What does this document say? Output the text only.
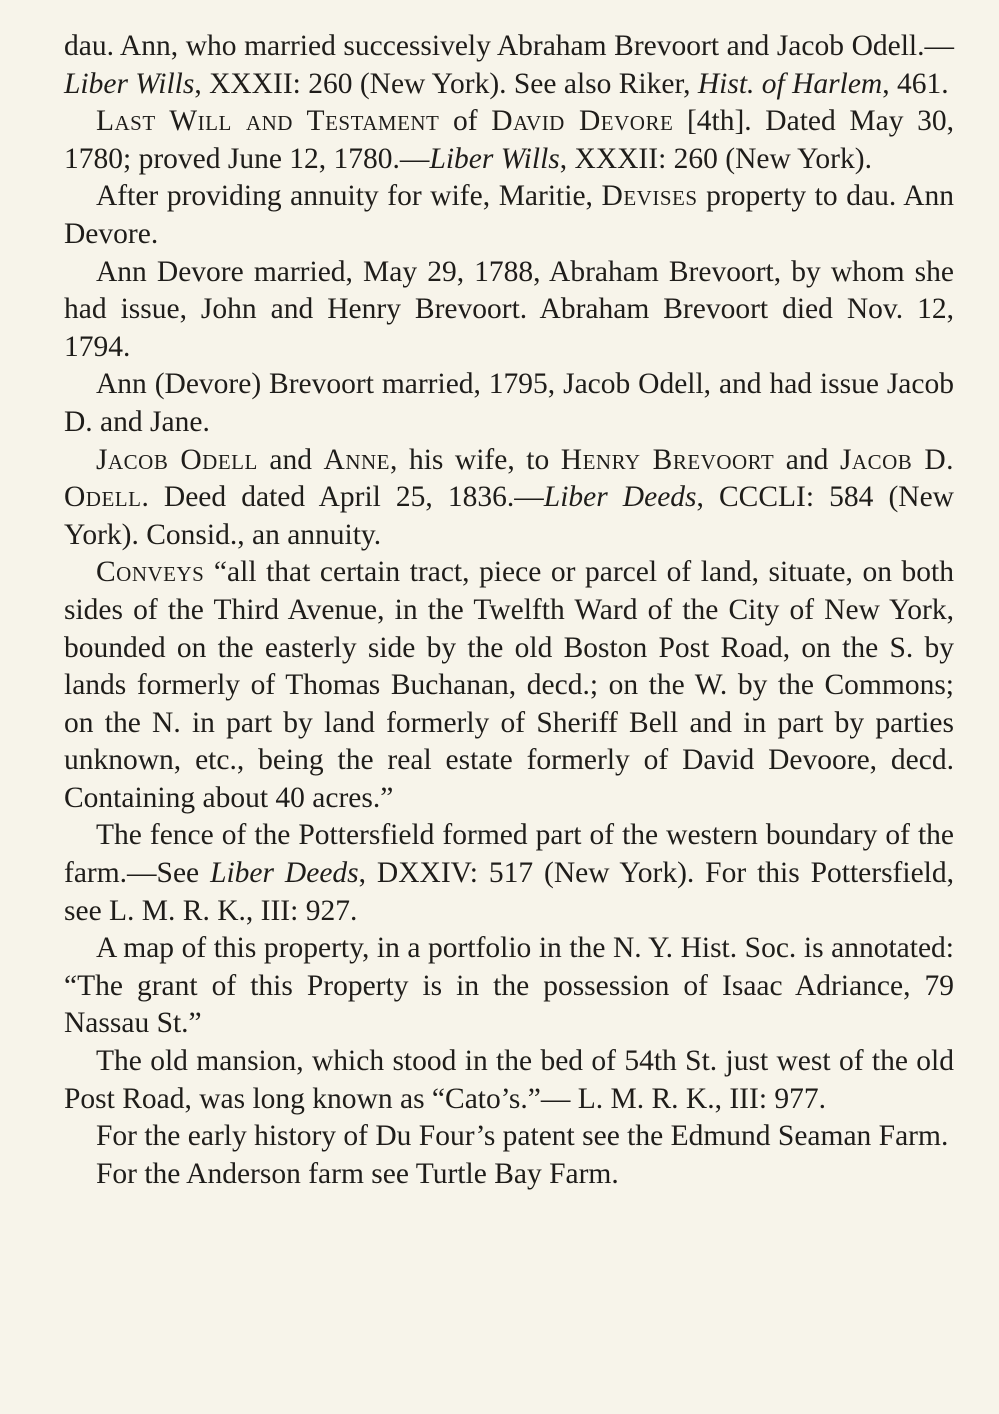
dau. Ann, who married successively Abraham Brevoort and Jacob Odell.—Liber Wills, XXXII: 260 (New York). See also Riker, Hist. of Harlem, 461.

Last Will and Testament of David Devore [4th]. Dated May 30, 1780; proved June 12, 1780.—Liber Wills, XXXII: 260 (New York).

After providing annuity for wife, Maritie, Devises property to dau. Ann Devore.

Ann Devore married, May 29, 1788, Abraham Brevoort, by whom she had issue, John and Henry Brevoort. Abraham Brevoort died Nov. 12, 1794.

Ann (Devore) Brevoort married, 1795, Jacob Odell, and had issue Jacob D. and Jane.

Jacob Odell and Anne, his wife, to Henry Brevoort and Jacob D. Odell. Deed dated April 25, 1836.—Liber Deeds, CCCLI: 584 (New York). Consid., an annuity.

Conveys “all that certain tract, piece or parcel of land, situate, on both sides of the Third Avenue, in the Twelfth Ward of the City of New York, bounded on the easterly side by the old Boston Post Road, on the S. by lands formerly of Thomas Buchanan, decd.; on the W. by the Commons; on the N. in part by land formerly of Sheriff Bell and in part by parties unknown, etc., being the real estate formerly of David Devoore, decd. Containing about 40 acres.”

The fence of the Pottersfield formed part of the western boundary of the farm.—See Liber Deeds, DXXIV: 517 (New York). For this Pottersfield, see L. M. R. K., III: 927.

A map of this property, in a portfolio in the N. Y. Hist. Soc. is annotated: “The grant of this Property is in the possession of Isaac Adriance, 79 Nassau St.”

The old mansion, which stood in the bed of 54th St. just west of the old Post Road, was long known as “Cato’s.”— L. M. R. K., III: 977.

For the early history of Du Four’s patent see the Edmund Seaman Farm.

For the Anderson farm see Turtle Bay Farm.
